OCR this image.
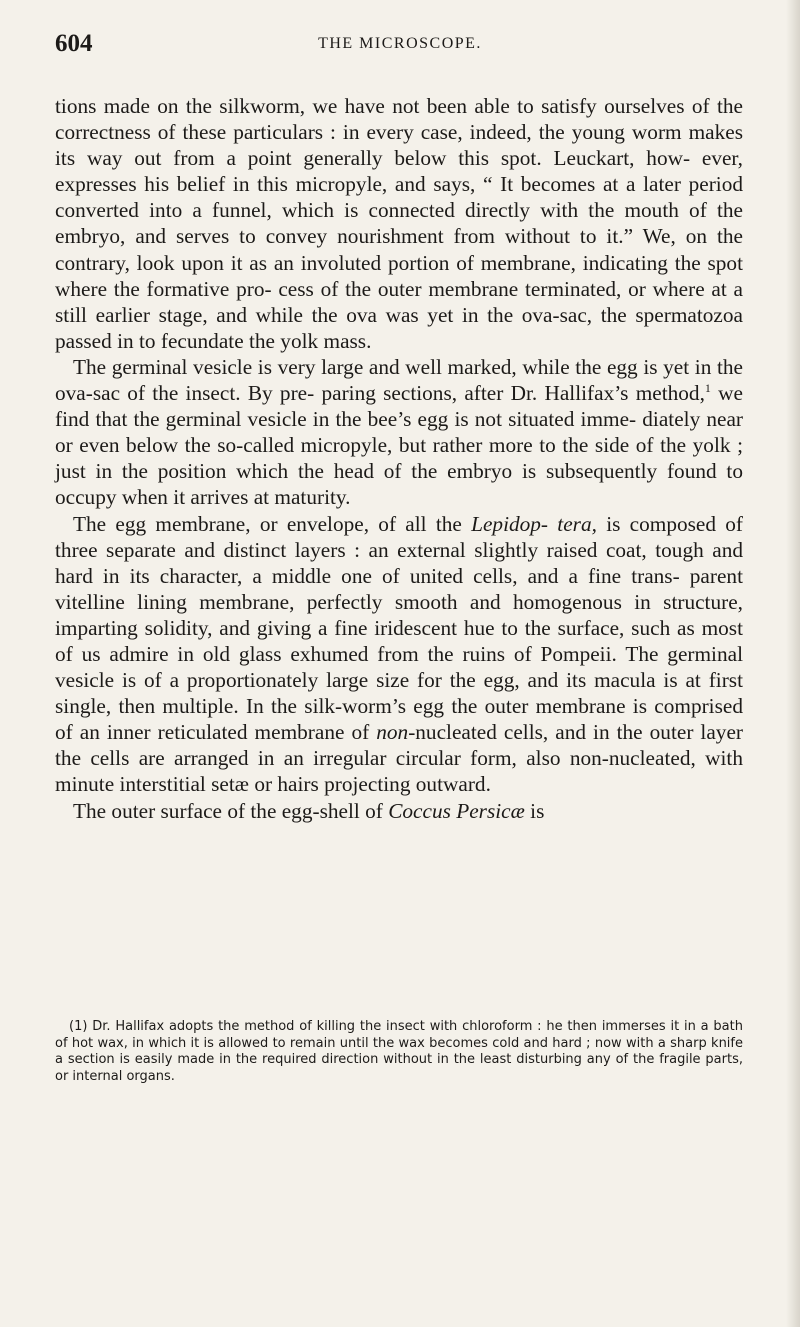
604	THE MICROSCOPE.

tions made on the silkworm, we have not been able to satisfy ourselves of the correctness of these particulars : in every case, indeed, the young worm makes its way out from a point generally below this spot. Leuckart, how- ever, expresses his belief in this micropyle, and says, “ It becomes at a later period converted into a funnel, which is connected directly with the mouth of the embryo, and serves to convey nourishment from without to it.” We, on the contrary, look upon it as an involuted portion of membrane, indicating the spot where the formative pro- cess of the outer membrane terminated, or where at a still earlier stage, and while the ova was yet in the ova-sac, the spermatozoa passed in to fecundate the yolk mass.

The germinal vesicle is very large and well marked, while the egg is yet in the ova-sac of the insect. By pre- paring sections, after Dr. Hallifax’s method,$^1$ we find that the germinal vesicle in the bee’s egg is not situated imme- diately near or even below the so-called micropyle, but rather more to the side of the yolk ; just in the position which the head of the embryo is subsequently found to occupy when it arrives at maturity.

The egg membrane, or envelope, of all the Lepidop- tera, is composed of three separate and distinct layers : an external slightly raised coat, tough and hard in its character, a middle one of united cells, and a fine trans- parent vitelline lining membrane, perfectly smooth and homogenous in structure, imparting solidity, and giving a fine iridescent hue to the surface, such as most of us admire in old glass exhumed from the ruins of Pompeii. The germinal vesicle is of a proportionately large size for the egg, and its macula is at first single, then multiple. In the silk-worm’s egg the outer membrane is comprised of an inner reticulated membrane of non-nucleated cells, and in the outer layer the cells are arranged in an irregular circular form, also non-nucleated, with minute interstitial setæ or hairs projecting outward.

The outer surface of the egg-shell of Coccus Persicæ is

(1) Dr. Hallifax adopts the method of killing the insect with chloroform : he then immerses it in a bath of hot wax, in which it is allowed to remain until the wax becomes cold and hard ; now with a sharp knife a section is easily made in the required direction without in the least disturbing any of the fragile parts, or internal organs.
